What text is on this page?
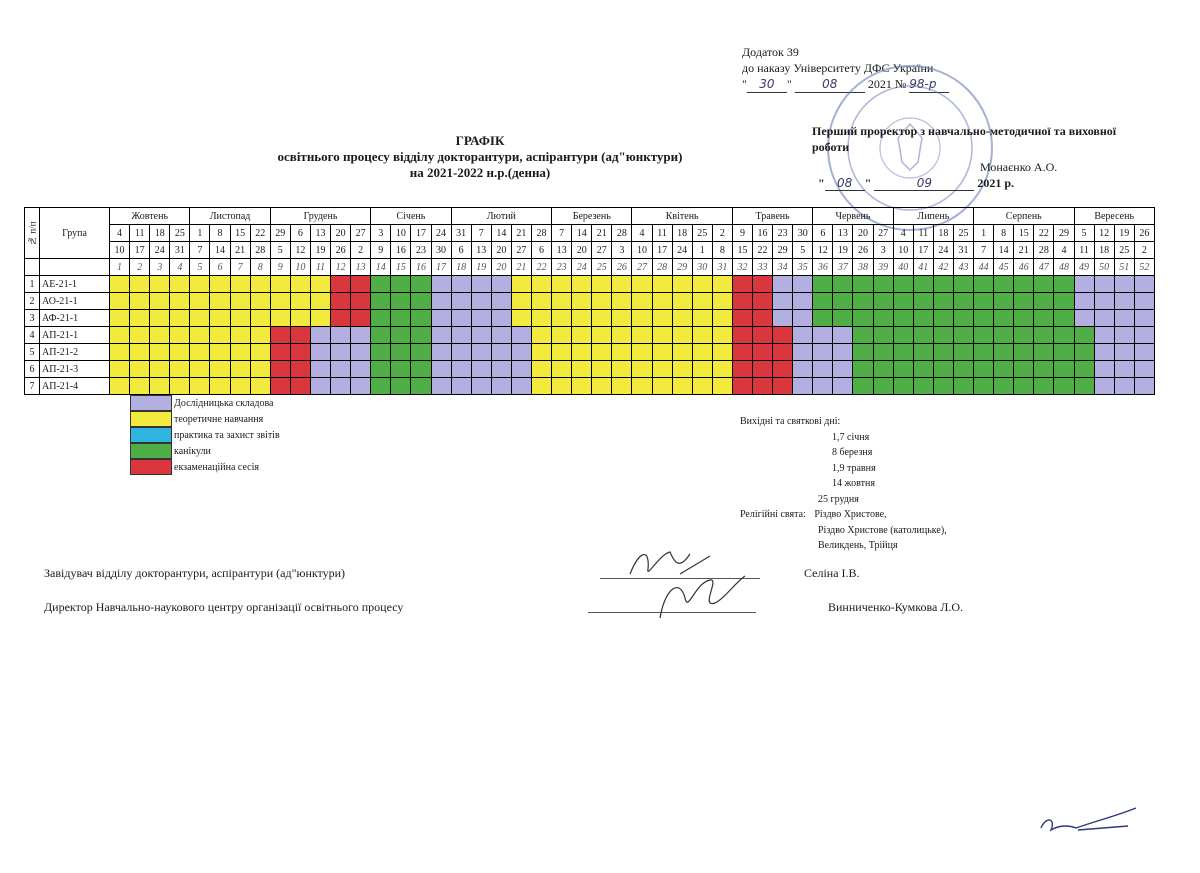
Додаток 39
до наказу Університету ДФС України
" 30 "	08	2021 № 98-р
ГРАФІК
освітнього процесу відділу докторантури, аспірантури (ад"юнктури)
на 2021-2022 н.р.(денна)
Перший проректор з навчально-методичної та виховної роботи
Монаєнко А.О.
" 08 "	09	2021 р.
№ п/п	Група	Жовтень				Листопад				Грудень					Січень				Лютий					Березень				Квітень					Травень				Червень				Липень				Серпень					Вересень			
		4	11	18	25	1	8	15	22	29	6	13	20	27	3	10	17	24	31	7	14	21	28	7	14	21	28	4	11	18	25	2	9	16	23	30	6	13	20	27	4	11	18	25	1	8	15	22	29	5	12	19	26
		10	17	24	31	7	14	21	28	5	12	19	26	2	9	16	23	30	6	13	20	27	6	13	20	27	3	10	17	24	1	8	15	22	29	5	12	19	26	3	10	17	24	31	7	14	21	28	4	11	18	25	2
		1	2	3	4	5	6	7	8	9	10	11	12	13	14	15	16	17	18	19	20	21	22	23	24	25	26	27	28	29	30	31	32	33	34	35	36	37	38	39	40	41	42	43	44	45	46	47	48	49	50	51	52
1	АЕ-21-1																																																				
2	АО-21-1																																																				
3	АФ-21-1																																																				
4	АП-21-1																																																				
5	АП-21-2																																																				
6	АП-21-3																																																				
7	АП-21-4																																																				
Дослідницька складова
теоретичне навчання
практика та захист звітів
канікули
екзаменаційна сесія
Вихідні та святкові дні:
1,7 січня
8 березня
1,9 травня
14 жовтня
25 грудня
Релігійні свята: Різдво Христове,
Різдво Христове (католицьке),
Великдень, Трійця
Завідувач відділу докторантури, аспірантури (ад"юнктури)	Селіна І.В.
Директор Навчально-наукового центру організації освітнього процесу	Винниченко-Кумкова Л.О.
